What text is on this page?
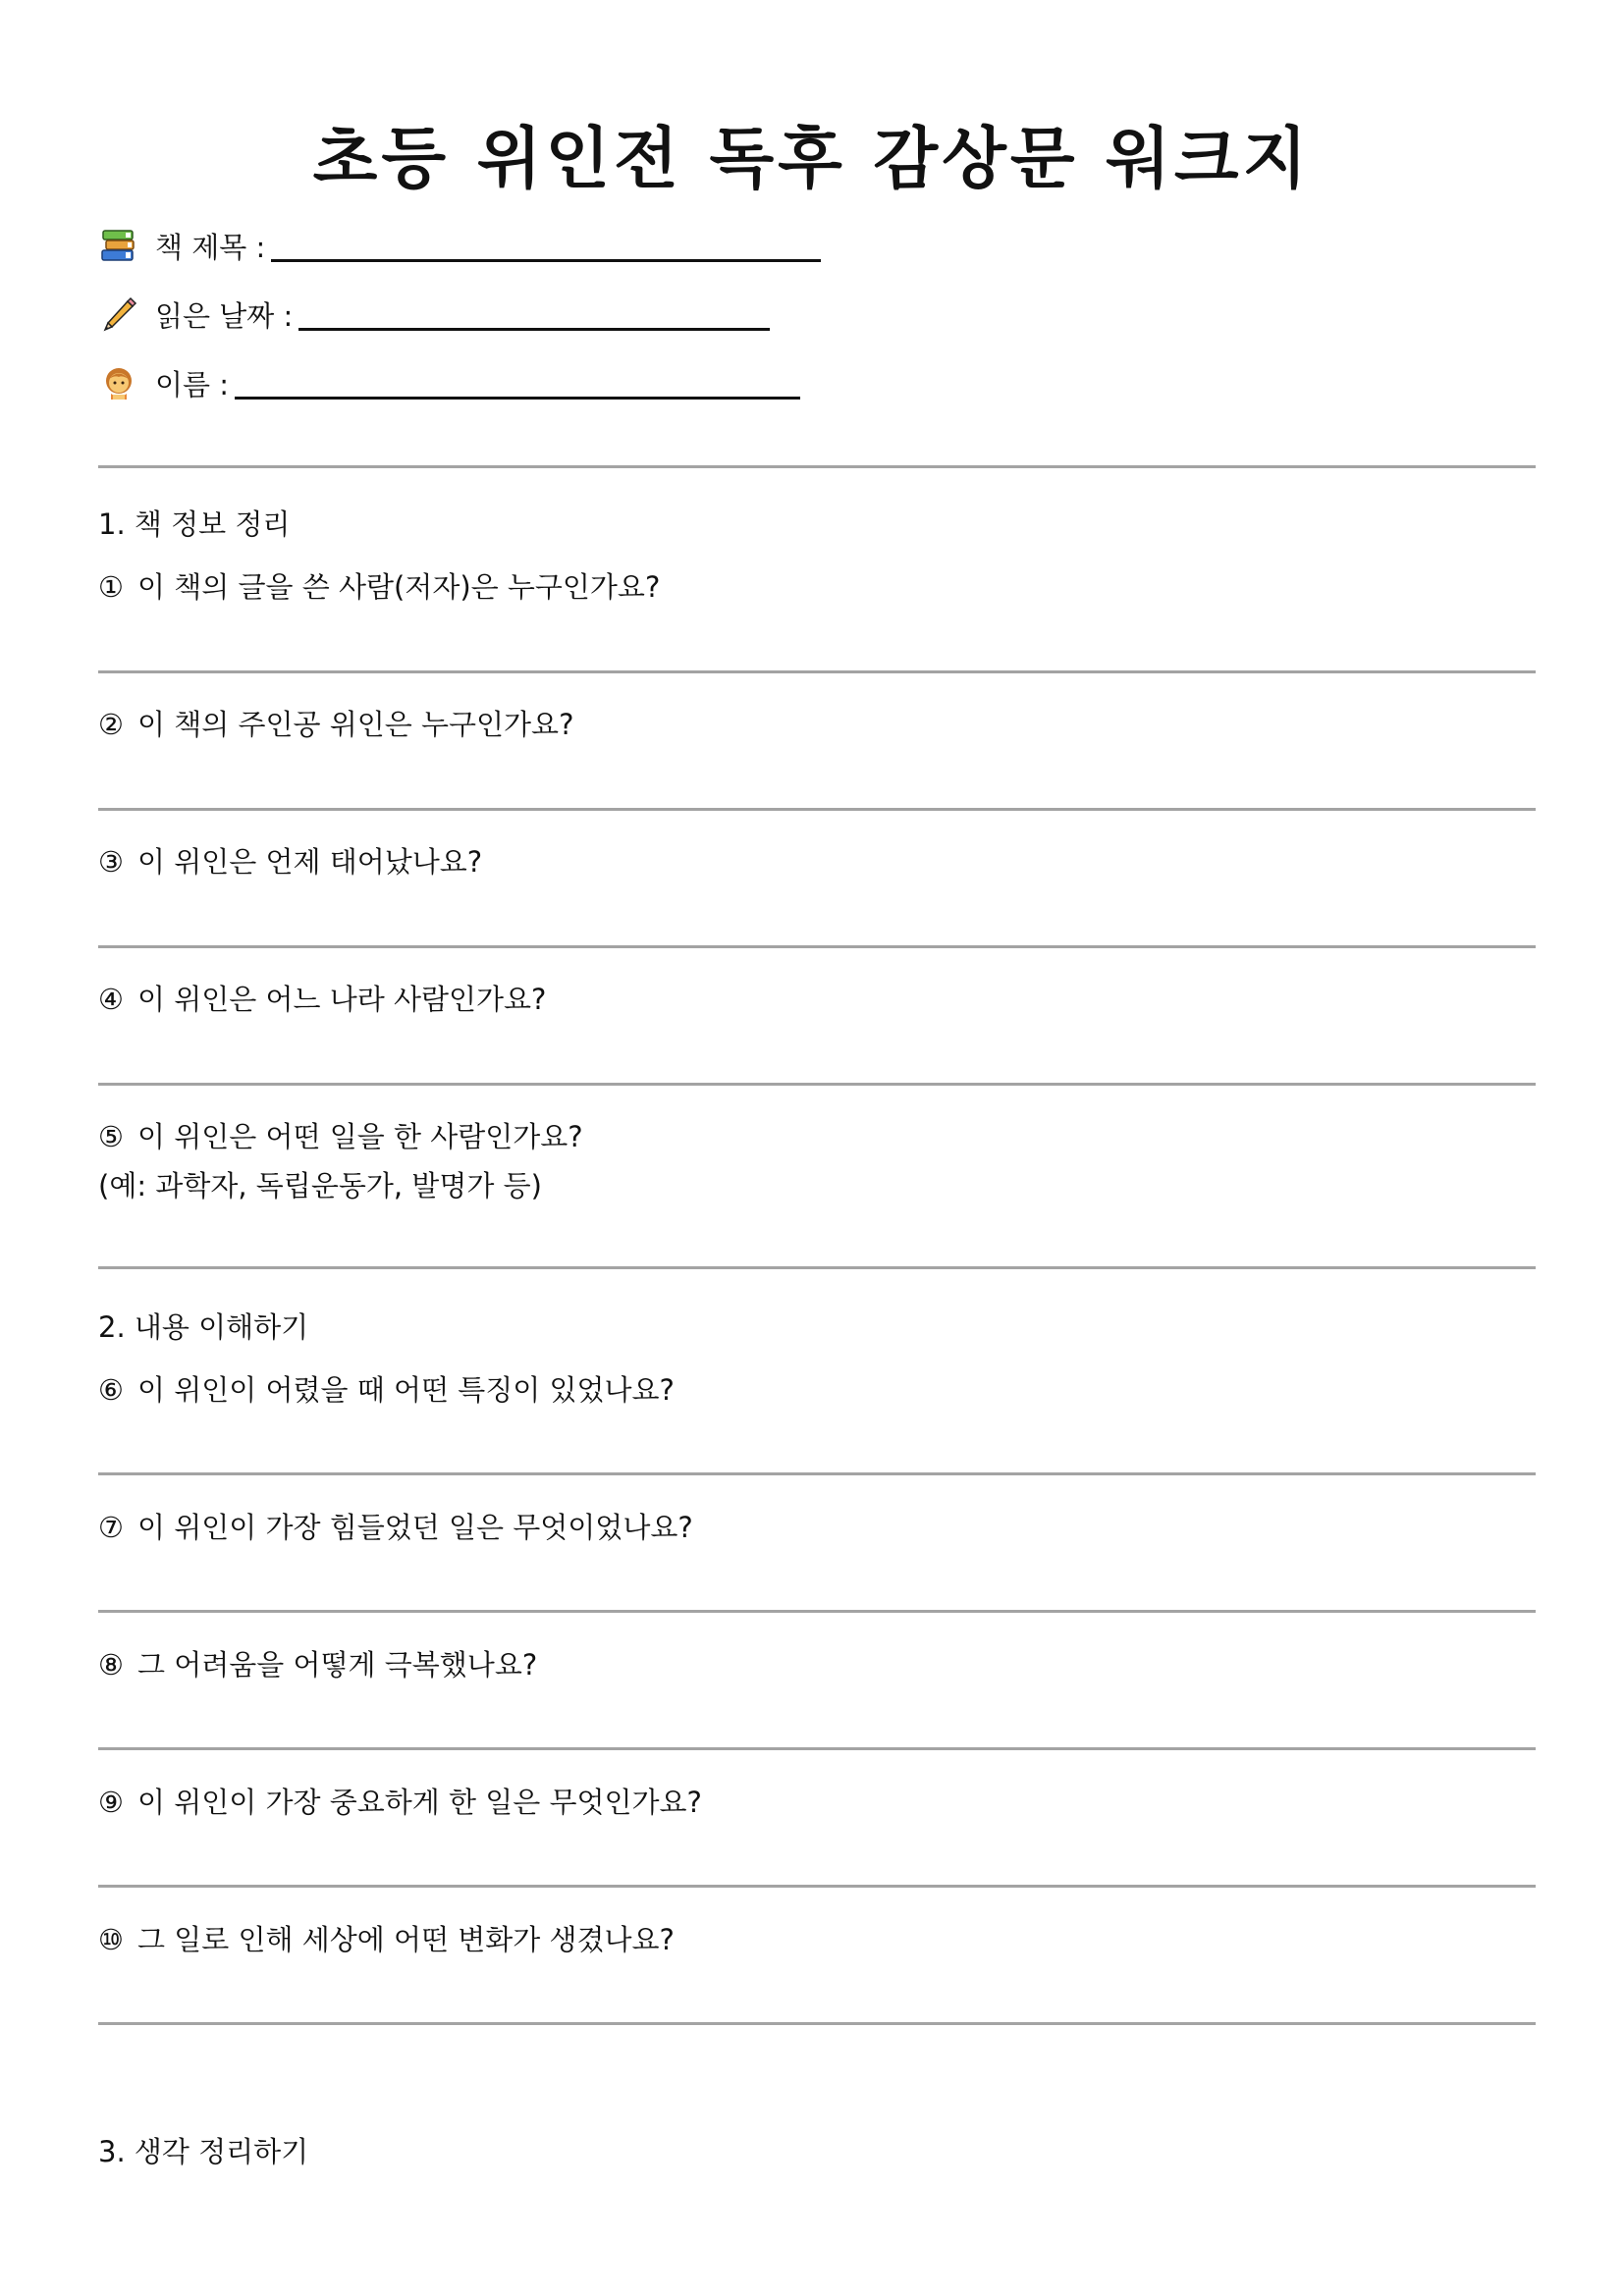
초등 위인전 독후 감상문 워크지
책 제목 :
읽은 날짜 :
이름 :
1. 책 정보 정리
① 이 책의 글을 쓴 사람(저자)은 누구인가요?
② 이 책의 주인공 위인은 누구인가요?
③ 이 위인은 언제 태어났나요?
④ 이 위인은 어느 나라 사람인가요?
⑤ 이 위인은 어떤 일을 한 사람인가요?
(예: 과학자, 독립운동가, 발명가 등)
2. 내용 이해하기
⑥ 이 위인이 어렸을 때 어떤 특징이 있었나요?
⑦ 이 위인이 가장 힘들었던 일은 무엇이었나요?
⑧ 그 어려움을 어떻게 극복했나요?
⑨ 이 위인이 가장 중요하게 한 일은 무엇인가요?
⑩ 그 일로 인해 세상에 어떤 변화가 생겼나요?
3. 생각 정리하기
